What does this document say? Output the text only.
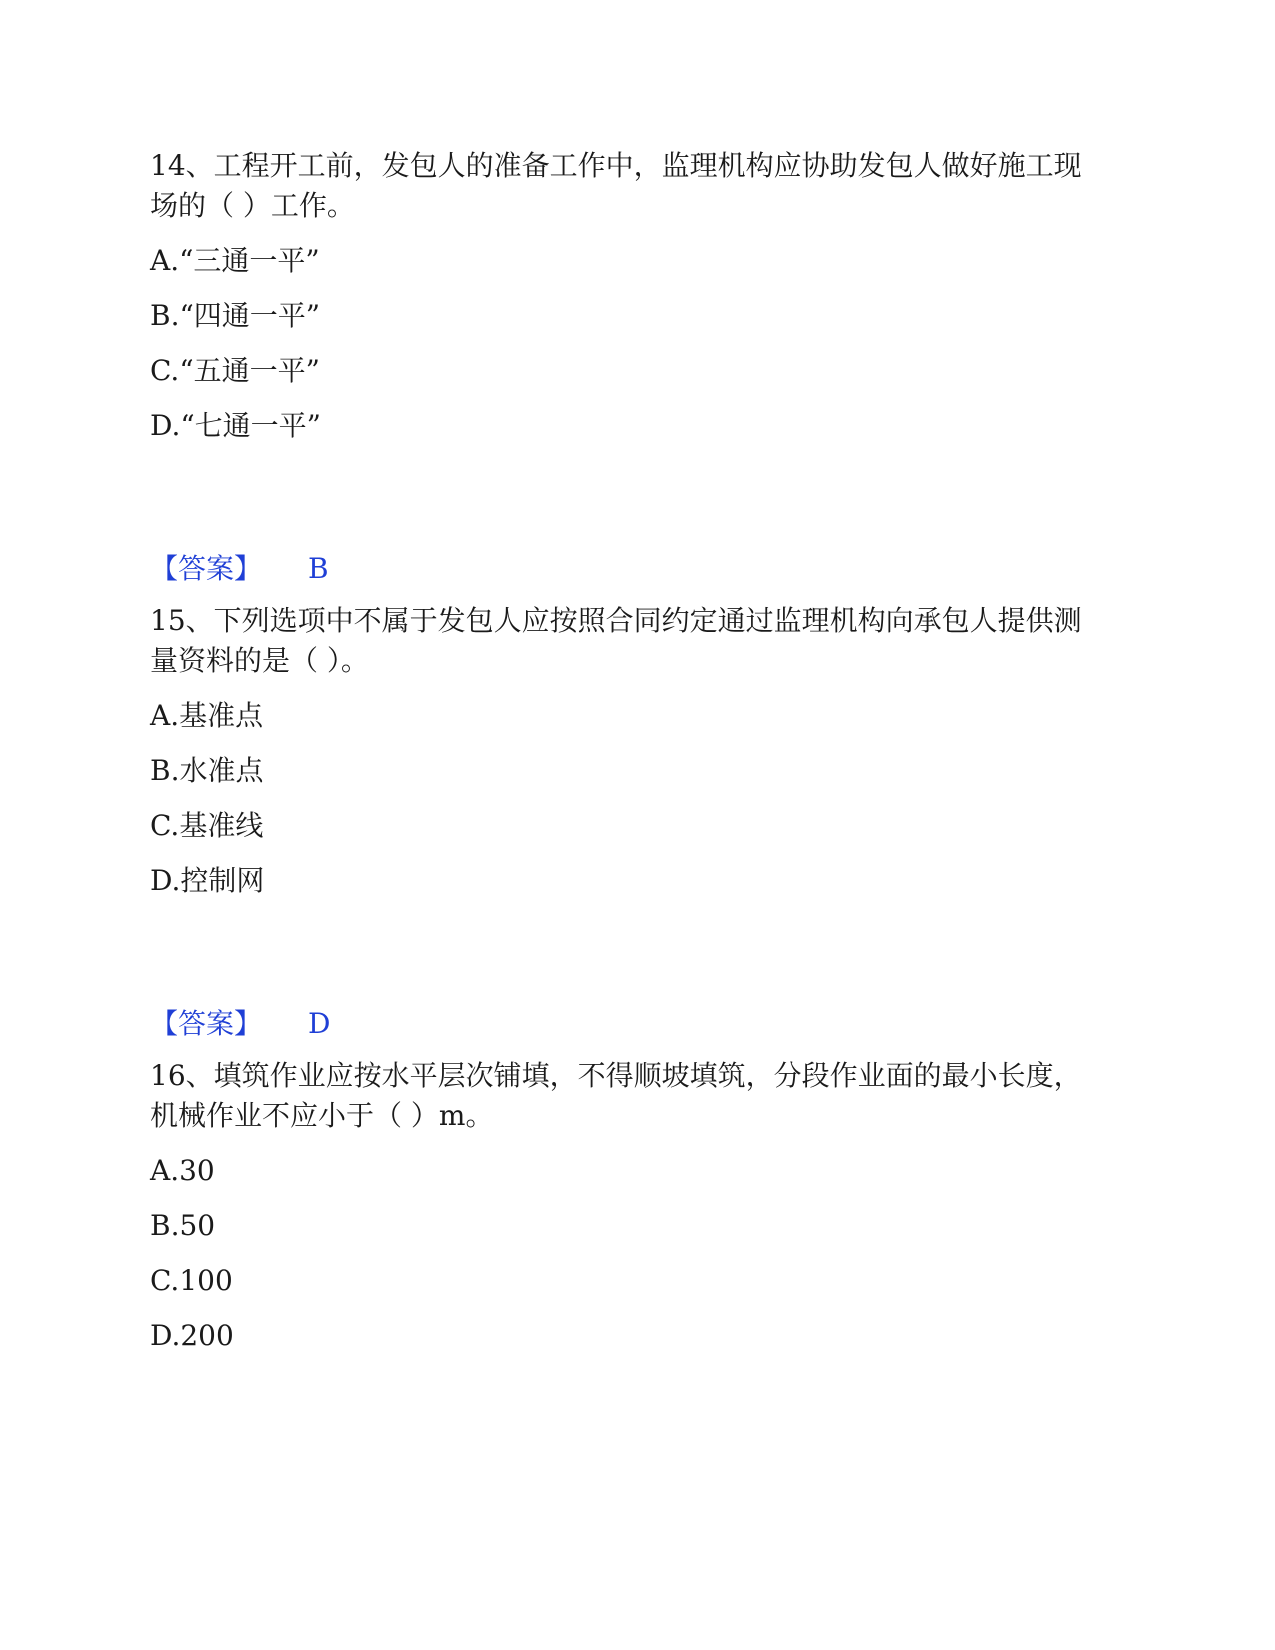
14、工程开工前，发包人的准备工作中，监理机构应协助发包人做好施工现
场的（ ）工作。
A.“三通一平”
B.“四通一平”
C.“五通一平”
D.“七通一平”
【答案】 B
15、下列选项中不属于发包人应按照合同约定通过监理机构向承包人提供测
量资料的是（ ）。
A.基准点
B.水准点
C.基准线
D.控制网
【答案】 D
16、填筑作业应按水平层次铺填，不得顺坡填筑，分段作业面的最小长度，
机械作业不应小于（ ）m。
A.30
B.50
C.100
D.200
